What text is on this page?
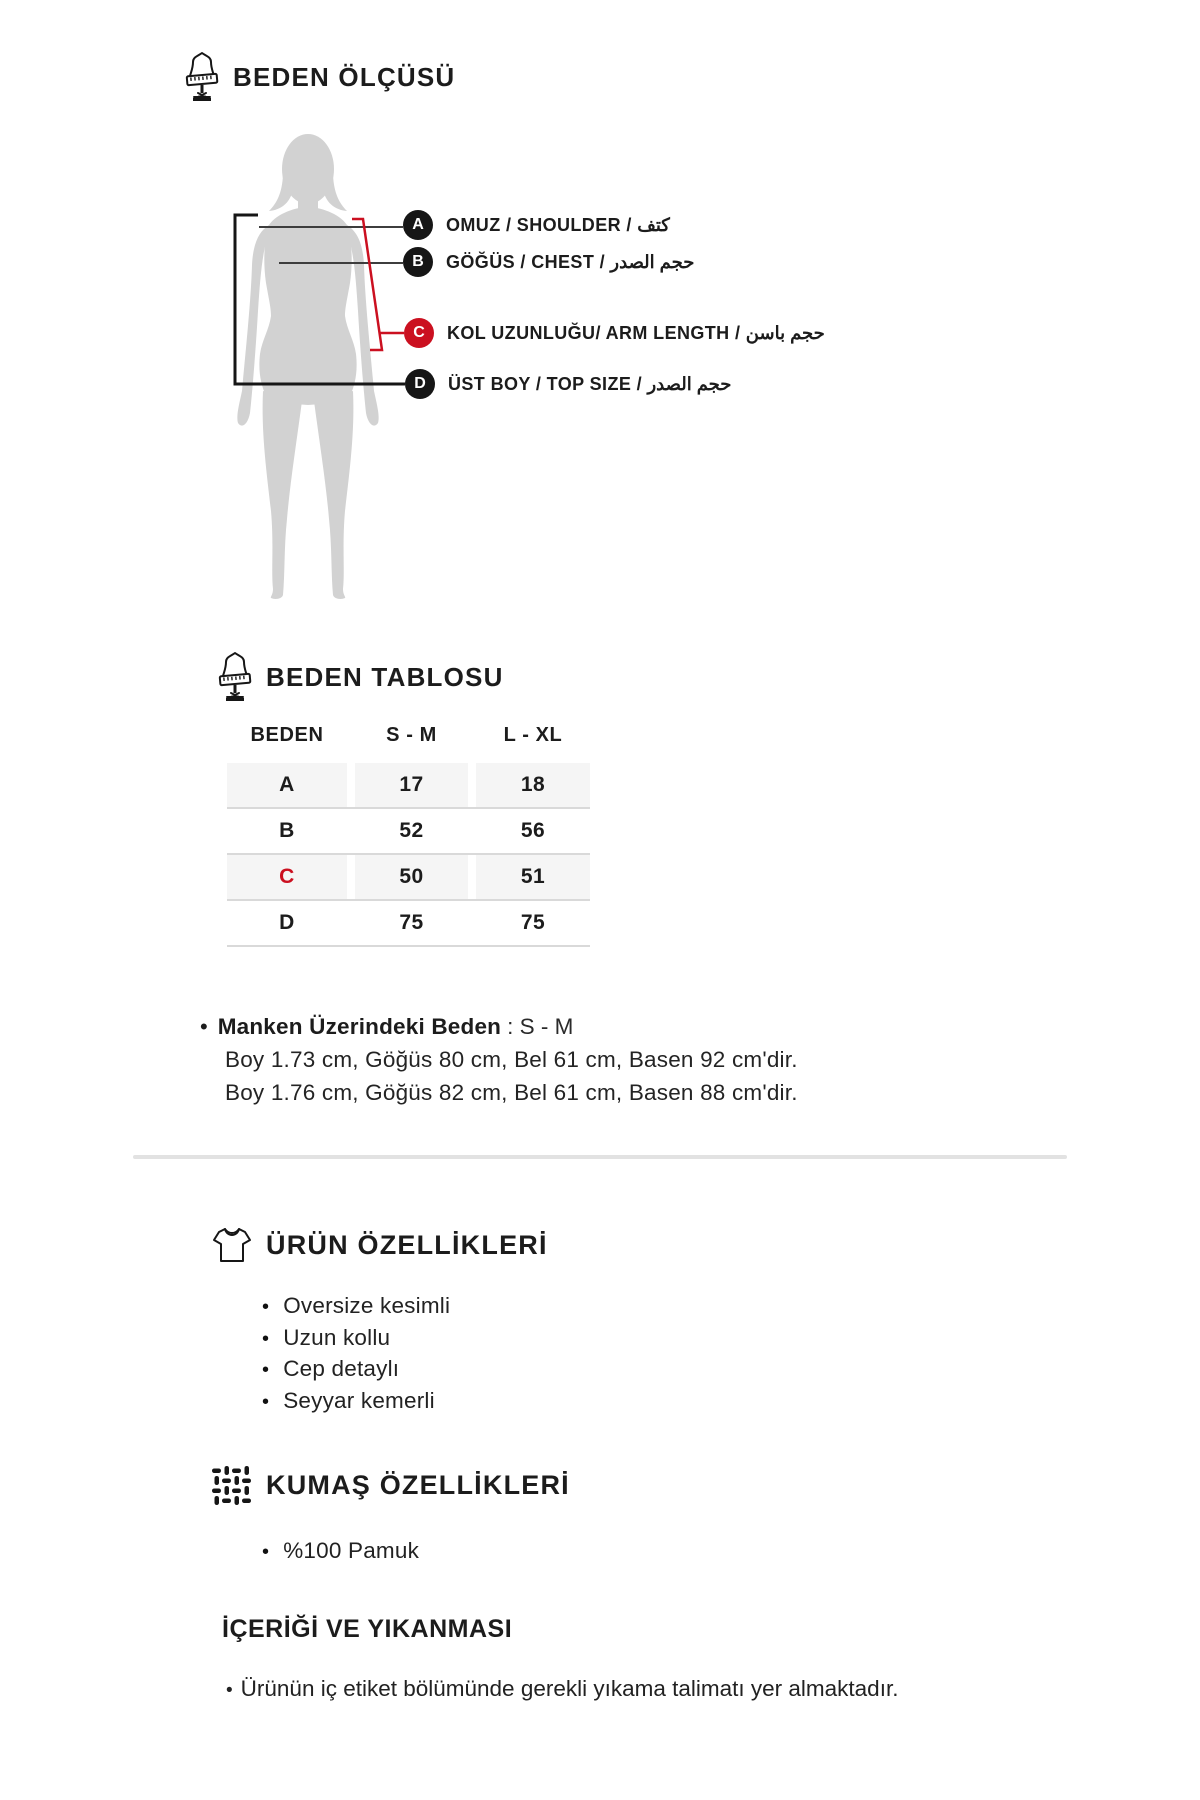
BEDEN ÖLÇÜSÜ
A	OMUZ / SHOULDER / كتف
B	GÖĞÜS / CHEST / حجم الصدر
C	KOL UZUNLUĞU/ ARM LENGTH / حجم باسن
D	ÜST BOY / TOP SIZE / حجم الصدر
BEDEN TABLOSU
BEDEN	S - M	L - XL
A	17	18
B	52	56
C	50	51
D	75	75
• Manken Üzerindeki Beden : S - M
Boy 1.73 cm, Göğüs 80 cm, Bel 61 cm, Basen 92 cm'dir.
Boy 1.76 cm, Göğüs 82 cm, Bel 61 cm, Basen 88 cm'dir.
ÜRÜN ÖZELLİKLERİ
• Oversize kesimli
• Uzun kollu
• Cep detaylı
• Seyyar kemerli
KUMAŞ ÖZELLİKLERİ
• %100 Pamuk
İÇERİĞİ VE YIKANMASI
• Ürünün iç etiket bölümünde gerekli yıkama talimatı yer almaktadır.
